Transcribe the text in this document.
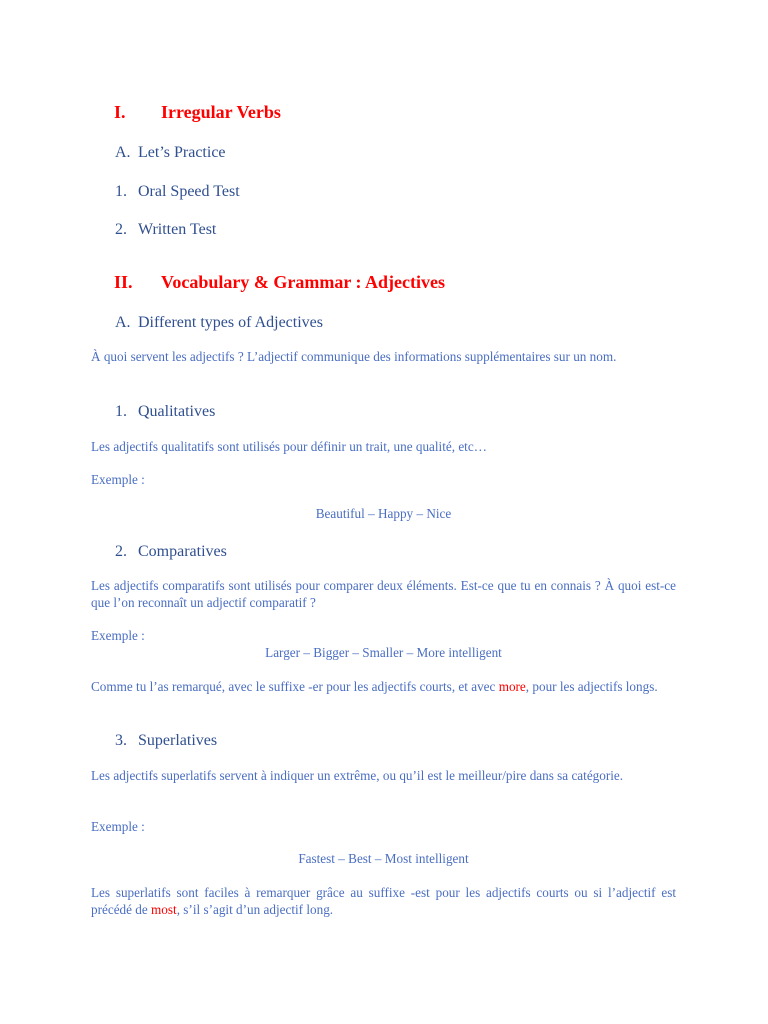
I. Irregular Verbs
A. Let’s Practice
1. Oral Speed Test
2. Written Test
II. Vocabulary & Grammar : Adjectives
A. Different types of Adjectives
À quoi servent les adjectifs ? L’adjectif communique des informations supplémentaires sur un nom.
1. Qualitatives
Les adjectifs qualitatifs sont utilisés pour définir un trait, une qualité, etc…
Exemple :
Beautiful – Happy – Nice
2. Comparatives
Les adjectifs comparatifs sont utilisés pour comparer deux éléments. Est-ce que tu en connais ? À quoi est-ce que l’on reconnaît un adjectif comparatif ?
Exemple :
Larger – Bigger – Smaller – More intelligent
Comme tu l’as remarqué, avec le suffixe -er pour les adjectifs courts, et avec more, pour les adjectifs longs.
3. Superlatives
Les adjectifs superlatifs servent à indiquer un extrême, ou qu’il est le meilleur/pire dans sa catégorie.
Exemple :
Fastest – Best – Most intelligent
Les superlatifs sont faciles à remarquer grâce au suffixe -est pour les adjectifs courts ou si l’adjectif est précédé de most, s’il s’agit d’un adjectif long.
